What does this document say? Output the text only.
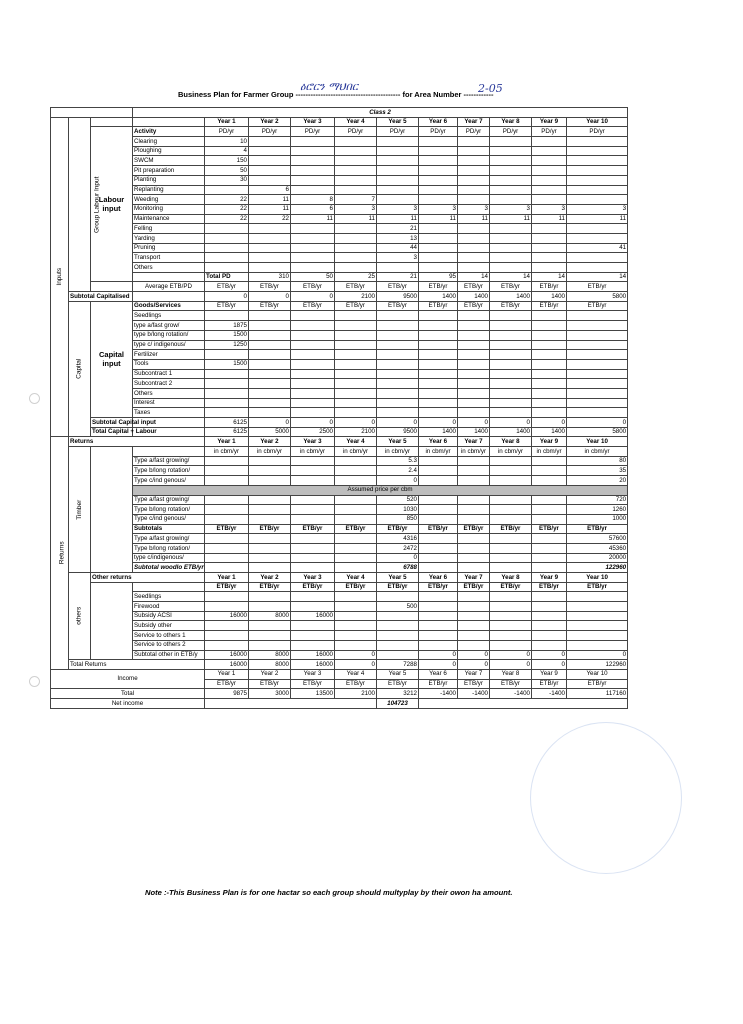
Business Plan for Farmer Group ------------------------------------------ for Area Number ------------
ዕሮርን ማህበር	2-05
			Class 2											
Inputs	Group Labour Input			Year 1	Year 2	Year 3	Year 4	Year 5	Year 6	Year 7	Year 8	Year 9	Year 10	
		Labour input	Activity	PD/yr	PD/yr	PD/yr	PD/yr	PD/yr	PD/yr	PD/yr	PD/yr	PD/yr	PD/yr	
			Clearing	10										
			Ploughing	4										
			SWCM	150										
			Pit preparation	50										
			Planting	30										
			Replanting		6									
			Weeding	22	11	8	7							
			Monitoring	22	11	6	3	3	3	3	3	3	3	
			Maintenance	22	22	11	11	11	11	11	11	11	11	
			Felling					21						
			Yarding					13						
			Pruning					44					41	
			Transport					3						
			Others											
				Total PD	310	50	25	21	95	14	14	14	14	
			Average ETB/PD	ETB/yr	ETB/yr	ETB/yr	ETB/yr	ETB/yr	ETB/yr	ETB/yr	ETB/yr	ETB/yr	ETB/yr	
	Subtotal Capitalised			0	0	0	2100	9500	1400	1400	1400	1400	5800	
	Capital	Capital input	Goods/Services	ETB/yr	ETB/yr	ETB/yr	ETB/yr	ETB/yr	ETB/yr	ETB/yr	ETB/yr	ETB/yr	ETB/yr	
			Seedlings											
			type a/fast grow/	1875										
			type b/long rotation/	1500										
			type c/ indigenous/	1250										
			Fertilizer											
			Tools	1500										
			Subcontract 1											
			Subcontract 2											
			Others											
			Interest											
			Taxes											
		Subtotal Capital input		6125	0	0	0	0	0	0	0	0	0	
		Total Capital + Labour		6125	5000	2500	2100	9500	1400	1400	1400	1400	5800	
Returns	Returns			Year 1	Year 2	Year 3	Year 4	Year 5	Year 6	Year 7	Year 8	Year 9	Year 10	
	Timber			in cbm/yr	in cbm/yr	in cbm/yr	in cbm/yr	in cbm/yr	in cbm/yr	in cbm/yr	in cbm/yr	in cbm/yr	in cbm/yr	
			Type a/fast growing/					5.3					80	
			Type b/long rotation/					2.4					35	
			Type c/ind genous/					0					20	
			Assumed price per cbm											
			Type a/fast growing/					520					720	
			Type b/long rotation/					1030					1260	
			Type c/ind genous/					850					1000	
			Subtotals	ETB/yr	ETB/yr	ETB/yr	ETB/yr	ETB/yr	ETB/yr	ETB/yr	ETB/yr	ETB/yr	ETB/yr	
			Type a/fast growing/					4316					57600	
			Type b/long rotation/					2472					45360	
			type c/indigenous/					0					20000	
			Subtotal woodlo ETB/yr					6788					122960	
	others	Other returns		Year 1	Year 2	Year 3	Year 4	Year 5	Year 6	Year 7	Year 8	Year 9	Year 10	
				ETB/yr	ETB/yr	ETB/yr	ETB/yr	ETB/yr	ETB/yr	ETB/yr	ETB/yr	ETB/yr	ETB/yr	
			Seedlings											
			Firewood					500						
			Subsidy ACSI	16000	8000	16000								
			Subsidy other											
			Service to others 1											
			Service to others 2											
			Subtotal other in ETB/y	16000	8000	16000	0		0	0	0	0	0	
	Total Returns			16000	8000	16000	0	7288	0	0	0	0	122960	
Income				Year 1	Year 2	Year 3	Year 4	Year 5	Year 6	Year 7	Year 8	Year 9	Year 10	
				ETB/yr	ETB/yr	ETB/yr	ETB/yr	ETB/yr	ETB/yr	ETB/yr	ETB/yr	ETB/yr	ETB/yr	
Total				9875	3000	13500	2100	3212	-1400	-1400	-1400	-1400	117160	
Net income								104723						
Note :-This Business Plan is for one hactar so each group should multyplay by their owon ha amount.
